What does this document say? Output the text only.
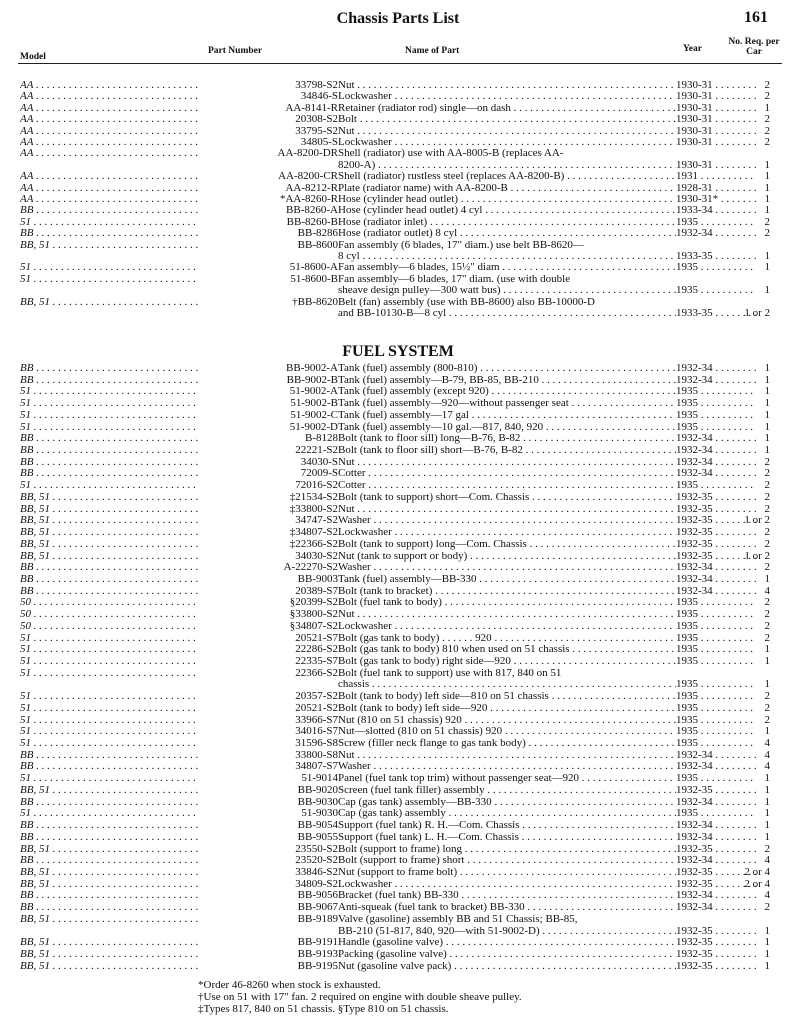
Chassis Parts List	161
Model
Part Number	Name of Part	Year
No. Req. per Car
AA . . .	33798-S2 Nut . . .	1930-31 . . .	2
AA . . .	34846-S Lockwasher . . .	1930-31 . . .	2
AA . . .	AA-8141-R Retainer (radiator rod) single—on dash . . .	1930-31 . . .	1
AA . . .	20308-S2 Bolt . . .	1930-31 . . .	2
AA . . .	33795-S2 Nut . . .	1930-31 . . .	2
AA . . .	34805-S Lockwasher . . .	1930-31 . . .	2
AA . . .	AA-8200-DR Shell (radiator) use with AA-8005-B (replaces AA-
8200-A) . . .	1930-31 . . .	1
AA . . .	AA-8200-CR Shell (radiator) rustless steel (replaces AA-8200-B) . . .	1931 . . .	1
AA . . .	AA-8212-R Plate (radiator name) with AA-8200-B . . .	1928-31 . . .	1
AA . . .	*AA-8260-R Hose (cylinder head outlet) . . .	1930-31* . . .	1
BB . . .	BB-8260-A Hose (cylinder head outlet) 4 cyl . . .	1933-34 . . .	1
51 . . .	BB-8260-B Hose (radiator inlet) . . .	1935 . . .	2
BB . . .	BB-8286 Hose (radiator outlet) 8 cyl . . .	1932-34 . . .	2
BB, 51 . . .	BB-8600 Fan assembly (6 blades, 17" diam.) use belt BB-8620—
8 cyl . . .	1933-35 . . .	1
51 . . .	51-8600-A Fan assembly—6 blades, 15½" diam . . .	1935 . . .	1
51 . . .	51-8600-B Fan assembly—6 blades, 17" diam. (use with double
sheave design pulley—300 watt bus) . . .	1935 . . .	1
BB, 51 . . .	†BB-8620 Belt (fan) assembly (use with BB-8600) also BB-10000-D
and BB-10130-B—8 cyl . . .	1933-35 . . .	1 or 2
FUEL SYSTEM
BB . . .	BB-9002-A Tank (fuel) assembly (800-810) . . .	1932-34 . . .	1
BB . . .	BB-9002-B Tank (fuel) assembly—B-79, BB-85, BB-210 . . .	1932-34 . . .	1
51 . . .	51-9002-A Tank (fuel) assembly (except 920) . . .	1935 . . .	1
51 . . .	51-9002-B Tank (fuel) assembly—920—without passenger seat . . .	1935 . . .	1
51 . . .	51-9002-C Tank (fuel) assembly—17 gal . . .	1935 . . .	1
51 . . .	51-9002-D Tank (fuel) assembly—10 gal.—817, 840, 920 . . .	1935 . . .	1
BB . . .	B-8128 Bolt (tank to floor sill) long—B-76, B-82 . . .	1932-34 . . .	1
BB . . .	22221-S2 Bolt (tank to floor sill) short—B-76, B-82 . . .	1932-34 . . .	1
BB . . .	34030-S Nut . . .	1932-34 . . .	2
BB . . .	72009-S Cotter . . .	1932-34 . . .	2
51 . . .	72016-S2 Cotter . . .	1935 . . .	2
BB, 51 . . .	‡21534-S2 Bolt (tank to support) short—Com. Chassis . . .	1932-35 . . .	2
BB, 51 . . .	‡33800-S2 Nut . . .	1932-35 . . .	2
BB, 51 . . .	34747-S2 Washer . . .	1932-35 . . .	1 or 2
BB, 51 . . .	‡34807-S2 Lockwasher . . .	1932-35 . . .	2
BB, 51 . . .	‡22366-S2 Bolt (tank to support) long—Com. Chassis . . .	1932-35 . . .	2
BB, 51 . . .	34030-S2 Nut (tank to support or body) . . .	1932-35 . . .	1 or 2
BB . . .	A-22270-S2 Washer . . .	1932-34 . . .	2
BB . . .	BB-9003 Tank (fuel) assembly—BB-330 . . .	1932-34 . . .	1
BB . . .	20389-S7 Bolt (tank to bracket) . . .	1932-34 . . .	4
50 . . .	§20399-S2 Bolt (fuel tank to body) . . .	1935 . . .	2
50 . . .	§33800-S2 Nut . . .	1935 . . .	2
50 . . .	§34807-S2 Lockwasher . . .	1935 . . .	2
51 . . .	20521-S7 Bolt (gas tank to body) . . . . . . 920 . . .	1935 . . .	2
51 . . .	22286-S2 Bolt (gas tank to body) 810 when used on 51 chassis . . .	1935 . . .	1
51 . . .	22335-S7 Bolt (gas tank to body) right side—920 . . .	1935 . . .	1
51 . . .	22366-S2 Bolt (fuel tank to support) use with 817, 840 on 51
chassis . . .	1935 . . .	1
51 . . .	20357-S2 Bolt (tank to body) left side—810 on 51 chassis . . .	1935 . . .	2
51 . . .	20521-S2 Bolt (tank to body) left side—920 . . .	1935 . . .	2
51 . . .	33966-S7 Nut (810 on 51 chassis) 920 . . .	1935 . . .	2
51 . . .	34016-S7 Nut—slotted (810 on 51 chassis) 920 . . .	1935 . . .	1
51 . . .	31596-S8 Screw (filler neck flange to gas tank body) . . .	1935 . . .	4
BB . . .	33800-S8 Nut . . .	1932-34 . . .	4
BB . . .	34807-S7 Washer . . .	1932-34 . . .	4
51 . . .	51-9014 Panel (fuel tank top trim) without passenger seat—920 . . .	1935 . . .	1
BB, 51 . . .	BB-9020 Screen (fuel tank filler) assembly . . .	1932-35 . . .	1
BB . . .	BB-9030 Cap (gas tank) assembly—BB-330 . . .	1932-34 . . .	1
51 . . .	51-9030 Cap (gas tank) assembly . . .	1935 . . .	1
BB . . .	BB-9054 Support (fuel tank) R. H.—Com. Chassis . . .	1932-34 . . .	1
BB . . .	BB-9055 Support (fuel tank) L. H.—Com. Chassis . . .	1932-34 . . .	1
BB, 51 . . .	23550-S2 Bolt (support to frame) long . . .	1932-35 . . .	2
BB . . .	23520-S2 Bolt (support to frame) short . . .	1932-34 . . .	4
BB, 51 . . .	33846-S2 Nut (support to frame bolt) . . .	1932-35 . . .	2 or 4
BB, 51 . . .	34809-S2 Lockwasher . . .	1932-35 . . .	2 or 4
BB . . .	BB-9056 Bracket (fuel tank) BB-330 . . .	1932-34 . . .	4
BB . . .	BB-9067 Anti-squeak (fuel tank to bracket) BB-330 . . .	1932-34 . . .	2
BB, 51 . . .	BB-9189 Valve (gasoline) assembly BB and 51 Chassis; BB-85,
BB-210 (51-817, 840, 920—with 51-9002-D) . . .	1932-35 . . .	1
BB, 51 . . .	BB-9191 Handle (gasoline valve) . . .	1932-35 . . .	1
BB, 51 . . .	BB-9193 Packing (gasoline valve) . . .	1932-35 . . .	1
BB, 51 . . .	BB-9195 Nut (gasoline valve pack) . . .	1932-35 . . .	1
*Order 46-8260 when stock is exhausted.
†Use on 51 with 17" fan. 2 required on engine with double sheave pulley.
‡Types 817, 840 on 51 chassis. §Type 810 on 51 chassis.
